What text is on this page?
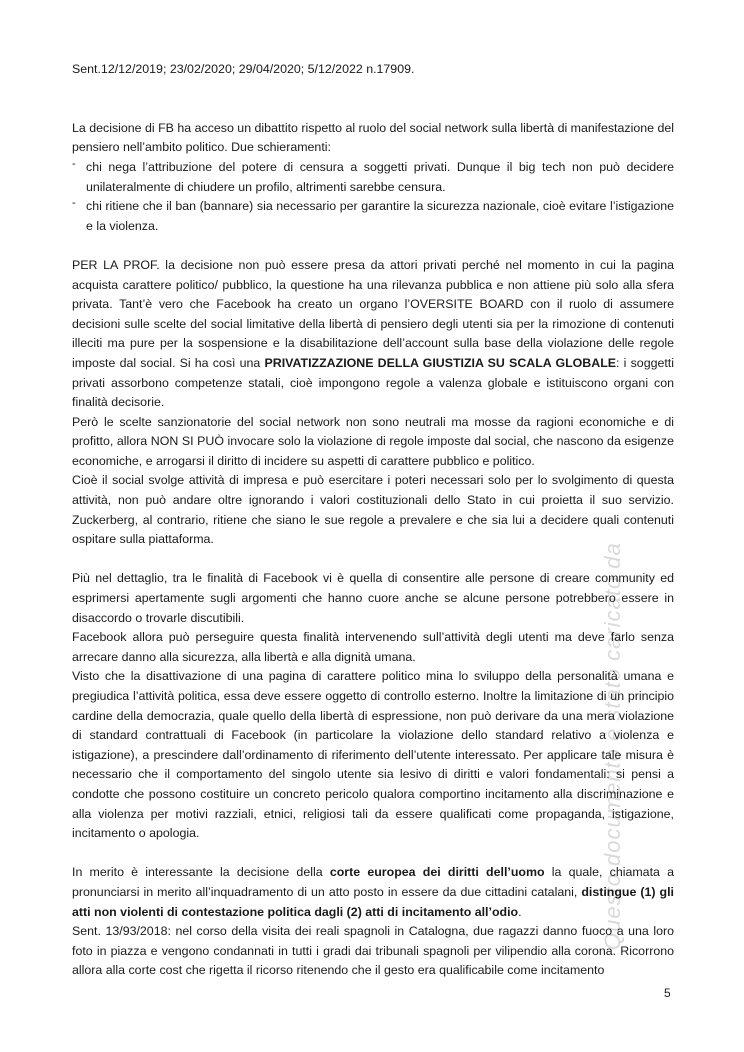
Questo documento è stato caricato da

Sent.12/12/2019; 23/02/2020; 29/04/2020; 5/12/2022 n.17909.

La decisione di FB ha acceso un dibattito rispetto al ruolo del social network sulla libertà di manifestazione del pensiero nell’ambito politico. Due schieramenti:

- chi nega l’attribuzione del potere di censura a soggetti privati. Dunque il big tech non può decidere unilateralmente di chiudere un profilo, altrimenti sarebbe censura.
- chi ritiene che il ban (bannare) sia necessario per garantire la sicurezza nazionale, cioè evitare l’istigazione e la violenza.

PER LA PROF. la decisione non può essere presa da attori privati perché nel momento in cui la pagina acquista carattere politico/ pubblico, la questione ha una rilevanza pubblica e non attiene più solo alla sfera privata. Tant’è vero che Facebook ha creato un organo l’OVERSITE BOARD con il ruolo di assumere decisioni sulle scelte del social limitative della libertà di pensiero degli utenti sia per la rimozione di contenuti illeciti ma pure per la sospensione e la disabilitazione dell’account sulla base della violazione delle regole imposte dal social. Si ha così una PRIVATIZZAZIONE DELLA GIUSTIZIA SU SCALA GLOBALE: i soggetti privati assorbono competenze statali, cioè impongono regole a valenza globale e istituiscono organi con finalità decisorie.

Però le scelte sanzionatorie del social network non sono neutrali ma mosse da ragioni economiche e di profitto, allora NON SI PUÒ invocare solo la violazione di regole imposte dal social, che nascono da esigenze economiche, e arrogarsi il diritto di incidere su aspetti di carattere pubblico e politico.

Cioè il social svolge attività di impresa e può esercitare i poteri necessari solo per lo svolgimento di questa attività, non può andare oltre ignorando i valori costituzionali dello Stato in cui proietta il suo servizio. Zuckerberg, al contrario, ritiene che siano le sue regole a prevalere e che sia lui a decidere quali contenuti ospitare sulla piattaforma.

Più nel dettaglio, tra le finalità di Facebook vi è quella di consentire alle persone di creare community ed esprimersi apertamente sugli argomenti che hanno cuore anche se alcune persone potrebbero essere in disaccordo o trovarle discutibili.

Facebook allora può perseguire questa finalità intervenendo sull’attività degli utenti ma deve farlo senza arrecare danno alla sicurezza, alla libertà e alla dignità umana.

Visto che la disattivazione di una pagina di carattere politico mina lo sviluppo della personalità umana e pregiudica l’attività politica, essa deve essere oggetto di controllo esterno. Inoltre la limitazione di un principio cardine della democrazia, quale quello della libertà di espressione, non può derivare da una mera violazione di standard contrattuali di Facebook (in particolare la violazione dello standard relativo a violenza e istigazione), a prescindere dall’ordinamento di riferimento dell’utente interessato. Per applicare tale misura è necessario che il comportamento del singolo utente sia lesivo di diritti e valori fondamentali: si pensi a condotte che possono costituire un concreto pericolo qualora comportino incitamento alla discriminazione e alla violenza per motivi razziali, etnici, religiosi tali da essere qualificati come propaganda, istigazione, incitamento o apologia.

In merito è interessante la decisione della corte europea dei diritti dell’uomo la quale, chiamata a pronunciarsi in merito all’inquadramento di un atto posto in essere da due cittadini catalani, distingue (1) gli atti non violenti di contestazione politica dagli (2) atti di incitamento all’odio.

Sent. 13/93/2018: nel corso della visita dei reali spagnoli in Catalogna, due ragazzi danno fuoco a una loro foto in piazza e vengono condannati in tutti i gradi dai tribunali spagnoli per vilipendio alla corona. Ricorrono allora alla corte cost che rigetta il ricorso ritenendo che il gesto era qualificabile come incitamento

5
